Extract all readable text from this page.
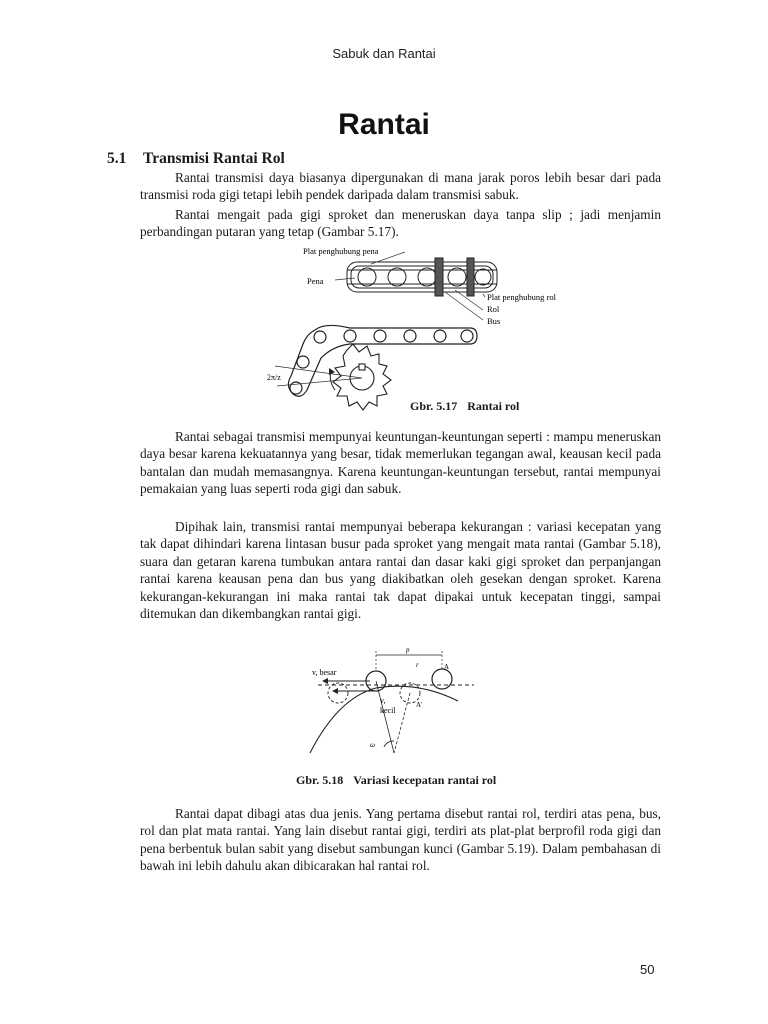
Sabuk dan Rantai
Rantai
5.1 Transmisi Rantai Rol

Rantai transmisi daya biasanya dipergunakan di mana jarak poros lebih besar dari pada transmisi roda gigi tetapi lebih pendek daripada dalam transmisi sabuk.

Rantai mengait pada gigi sproket dan meneruskan daya tanpa slip ; jadi menjamin perbandingan putaran yang tetap (Gambar 5.17).

Plat penghubung pena
Pena
Plat penghubung rol
Rol
Bus
2π/z
Gbr. 5.17 Rantai rol

Rantai sebagai transmisi mempunyai keuntungan-keuntungan seperti : mampu meneruskan daya besar karena kekuatannya yang besar, tidak memerlukan tegangan awal, keausan kecil pada bantalan dan mudah memasangnya. Karena keuntungan-keuntungan tersebut, rantai mempunyai pemakaian yang luas seperti roda gigi dan sabuk.

Dipihak lain, transmisi rantai mempunyai beberapa kekurangan : variasi kecepatan yang tak dapat dihindari karena lintasan busur pada sproket yang mengait mata rantai (Gambar 5.18), suara dan getaran karena tumbukan antara rantai dan dasar kaki gigi sproket dan perpanjangan rantai karena keausan pena dan bus yang diakibatkan oleh gesekan dengan sproket. Karena kekurangan-kekurangan ini maka rantai tak dapat dipakai untuk kecepatan tinggi, sampai ditemukan dan dikembangkan rantai gigi.

v, besar
v,
kecil
p
r	A
A'
ω
Gbr. 5.18 Variasi kecepatan rantai rol

Rantai dapat dibagi atas dua jenis. Yang pertama disebut rantai rol, terdiri atas pena, bus, rol dan plat mata rantai. Yang lain disebut rantai gigi, terdiri ats plat-plat berprofil roda gigi dan pena berbentuk bulan sabit yang disebut sambungan kunci (Gambar 5.19). Dalam pembahasan di bawah ini lebih dahulu akan dibicarakan hal rantai rol.

50
